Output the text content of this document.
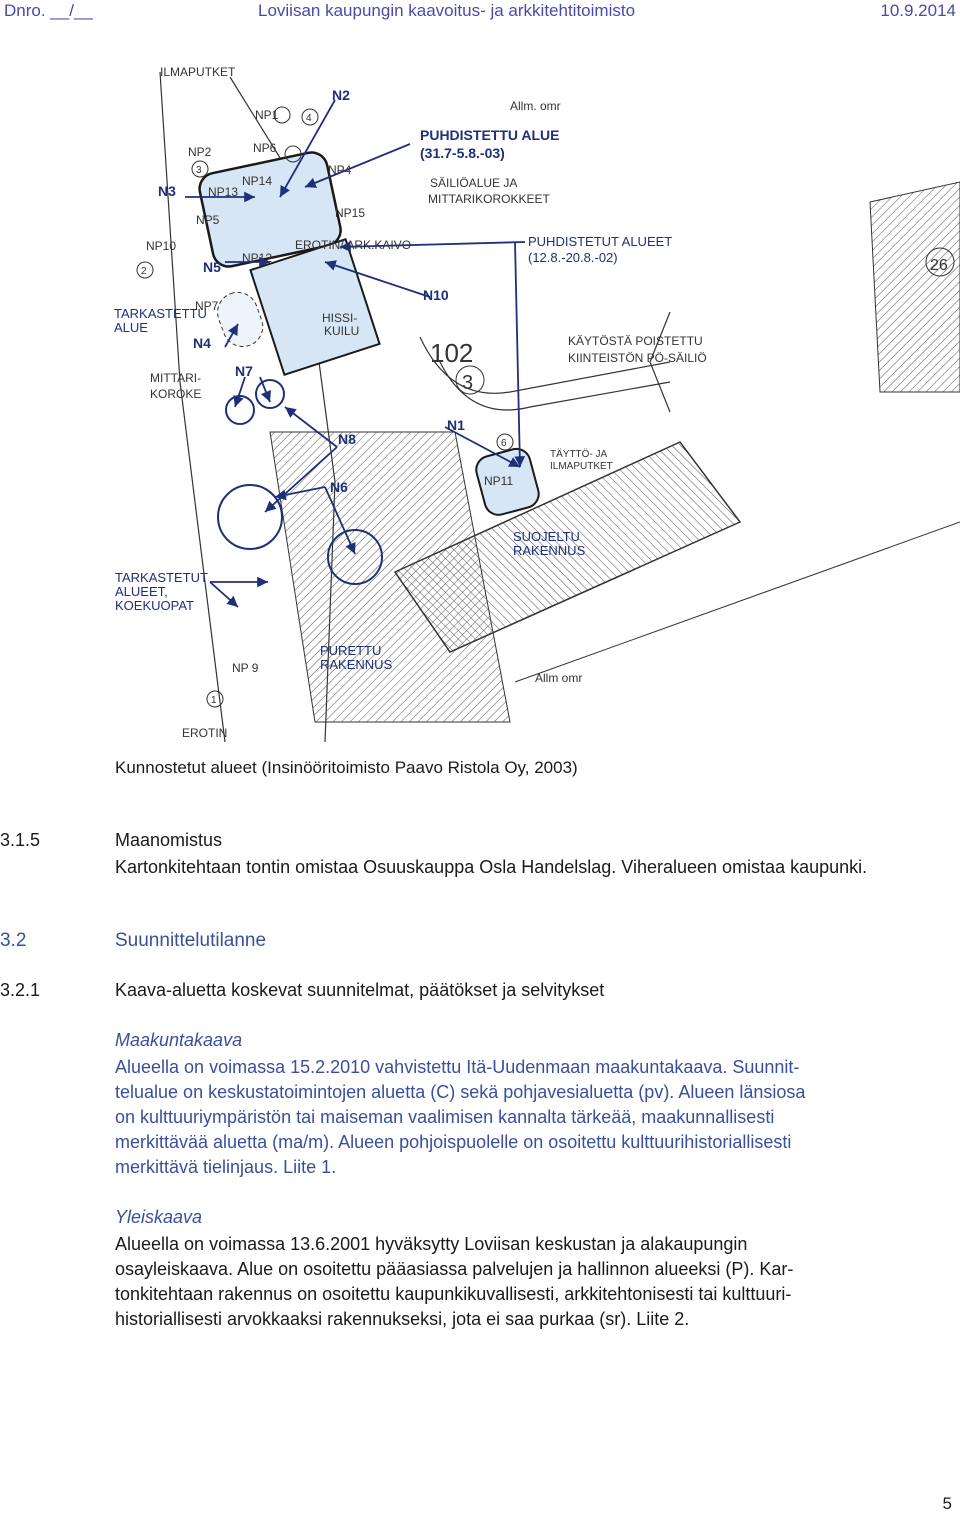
Dnro. __/__	Loviisan kaupungin kaavoitus- ja arkkitehtitoimisto	10.9.2014
ILMAPUTKET
Allm. omr
Allm omr
SÄILIÖALUE JA
MITTARIKOROKKEET
EROTIN/ ARK.KAIVO
HISSI-
KUILU
MITTARI-
KOROKE
KÄYTÖSTÄ POISTETTU
KIINTEISTÖN PÖ-SÄILIÖ
TÄYTTÖ- JA
ILMAPUTKET
EROTIN
102
3
26
1
2
3
4
6
NP1
NP2
NP4
NP5
NP6
NP7
NP 9
NP10
NP11
NP12
NP13
NP14
NP15
N2
N3
N5
N4
N7
N10
N8
N1
N6
PUHDISTETTU ALUE
(31.7-5.8.-03)
PUHDISTETUT ALUEET
(12.8.-20.8.-02)
TARKASTETTU
ALUE
TARKASTETUT
ALUEET,
KOEKUOPAT
SUOJELTU
RAKENNUS
PURETTU
RAKENNUS
Kunnostetut alueet (Insinööritoimisto Paavo Ristola Oy, 2003)
3.1.5	Maanomistus
Kartonkitehtaan tontin omistaa Osuuskauppa Osla Handelslag. Viheralueen omistaa kaupunki.
3.2	Suunnittelutilanne
3.2.1	Kaava-aluetta koskevat suunnitelmat, päätökset ja selvitykset
Maakuntakaava
Alueella on voimassa 15.2.2010 vahvistettu Itä-Uudenmaan maakuntakaava. Suunnit-
telualue on keskustatoimintojen aluetta (C) sekä pohjavesialuetta (pv). Alueen länsiosa
on kulttuuriympäristön tai maiseman vaalimisen kannalta tärkeää, maakunnallisesti
merkittävää aluetta (ma/m). Alueen pohjoispuolelle on osoitettu kulttuurihistoriallisesti
merkittävä tielinjaus. Liite 1.
Yleiskaava
Alueella on voimassa 13.6.2001 hyväksytty Loviisan keskustan ja alakaupungin
osayleiskaava. Alue on osoitettu pääasiassa palvelujen ja hallinnon alueeksi (P). Kar-
tonkitehtaan rakennus on osoitettu kaupunkikuvallisesti, arkkitehtonisesti tai kulttuuri-
historiallisesti arvokkaaksi rakennukseksi, jota ei saa purkaa (sr). Liite 2.
5
